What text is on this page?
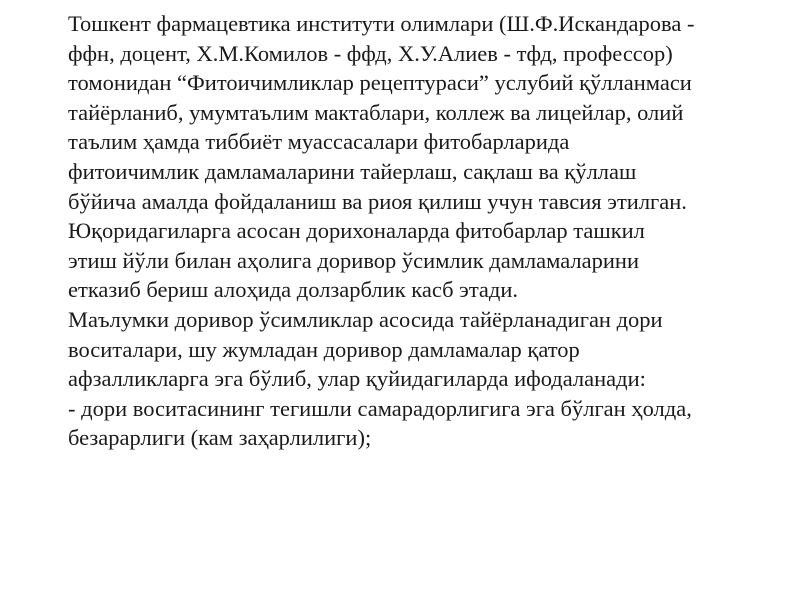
Тошкент фармацевтика институти олимлари (Ш.Ф.Искандарова -
ффн, доцент, Х.М.Комилов - ффд, Х.У.Алиев - тфд, профессор)
томонидан “Фитоичимликлар рецептураси” услубий қўлланмаси
тайёрланиб, умумтаълим мактаблари, коллеж ва лицейлар, олий
таълим ҳамда тиббиёт муассасалари фитобарларида
фитоичимлик дамламаларини тайерлаш, сақлаш ва қўллаш
бўйича амалда фойдаланиш ва риоя қилиш учун тавсия этилган.
Юқоридагиларга асосан дорихоналарда фитобарлар ташкил
этиш йўли билан аҳолига доривор ўсимлик дамламаларини
етказиб бериш алоҳида долзарблик касб этади.
Маълумки доривор ўсимликлар асосида тайёрланадиган дори
воситалари, шу жумладан доривор дамламалар қатор
афзалликларга эга бўлиб, улар қуйидагиларда ифодаланади:
- дори воситасининг тегишли самарадорлигига эга бўлган ҳолда,
безарарлиги (кам заҳарлилиги);
